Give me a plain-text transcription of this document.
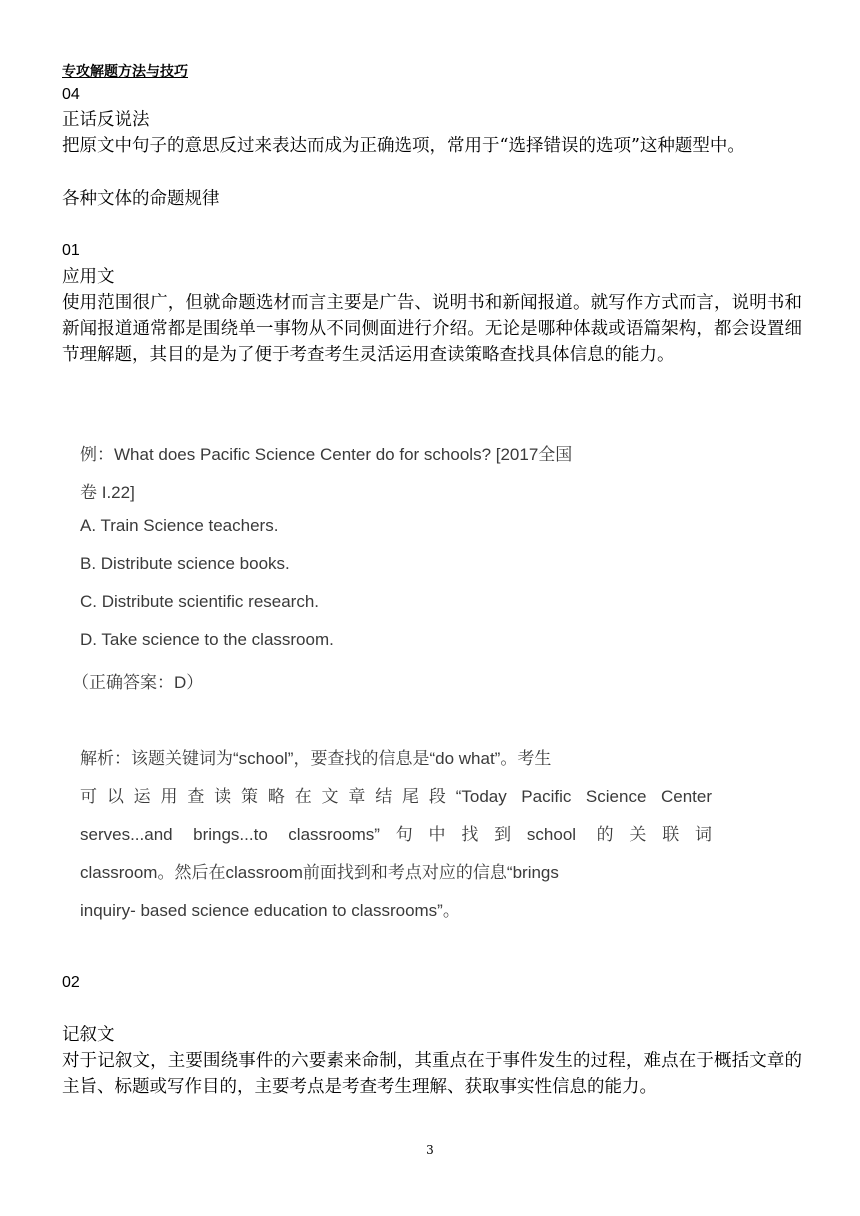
专攻解题方法与技巧
04
正话反说法
把原文中句子的意思反过来表达而成为正确选项，常用于“选择错误的选项”这种题型中。
各种文体的命题规律
01
应用文
使用范围很广，但就命题选材而言主要是广告、说明书和新闻报道。就写作方式而言，说明书和新闻报道通常都是围绕单一事物从不同侧面进行介绍。无论是哪种体裁或语篇架构，都会设置细节理解题，其目的是为了便于考查考生灵活运用查读策略查找具体信息的能力。
例：What does Pacific Science Center do for schools? [2017全国
卷 I.22]
A. Train Science teachers.
B. Distribute science books.
C. Distribute scientific research.
D. Take science to the classroom.
（正确答案：D）
解析：该题关键词为“school”，要查找的信息是“do what”。考生
可以运用查读策略在文章结尾段“Today Pacific Science Center
serves...and brings...to classrooms”句中找到school 的关联词
classroom。然后在classroom前面找到和考点对应的信息“brings
inquiry- based science education to classrooms”。
02
记叙文
对于记叙文，主要围绕事件的六要素来命制，其重点在于事件发生的过程，难点在于概括文章的主旨、标题或写作目的，主要考点是考查考生理解、获取事实性信息的能力。
3
